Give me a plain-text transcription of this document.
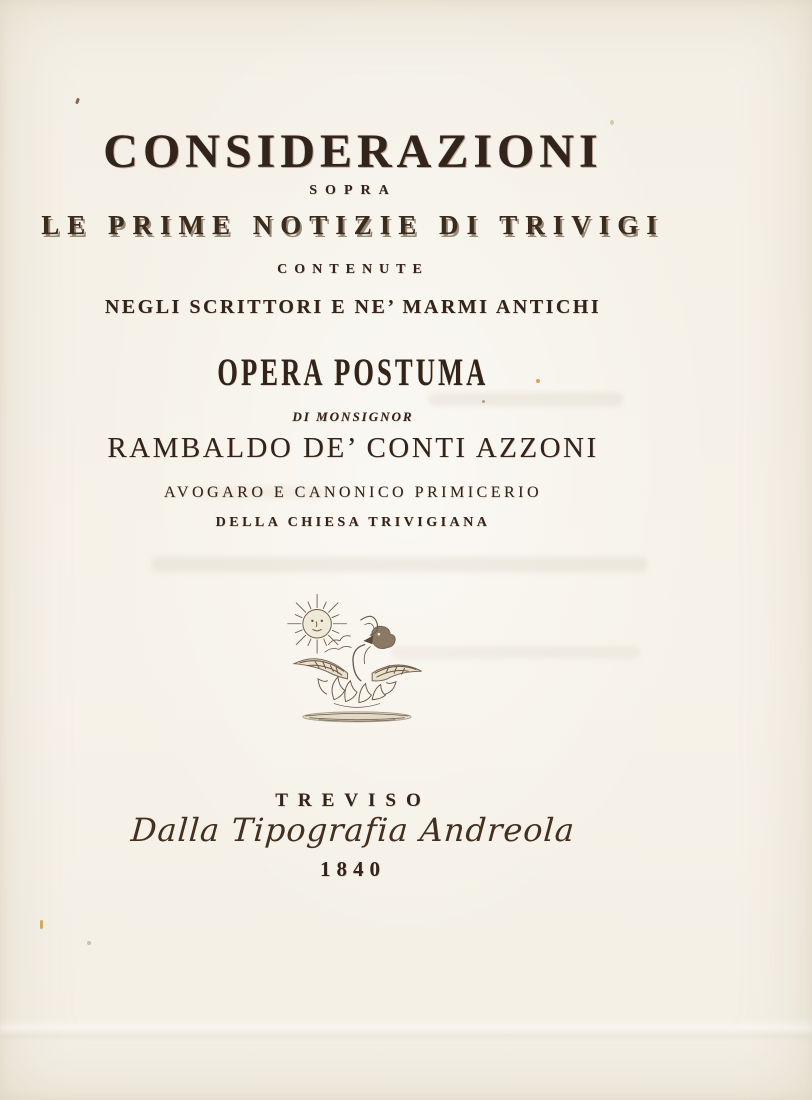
CONSIDERAZIONI
SOPRA
LE PRIME NOTIZIE DI TRIVIGI
CONTENUTE
NEGLI SCRITTORI E NE’ MARMI ANTICHI
OPERA POSTUMA
DI MONSIGNOR
RAMBALDO DE’ CONTI AZZONI
AVOGARO E CANONICO PRIMICERIO
DELLA CHIESA TRIVIGIANA
TREVISO
Dalla Tipografia Andreola
1840
